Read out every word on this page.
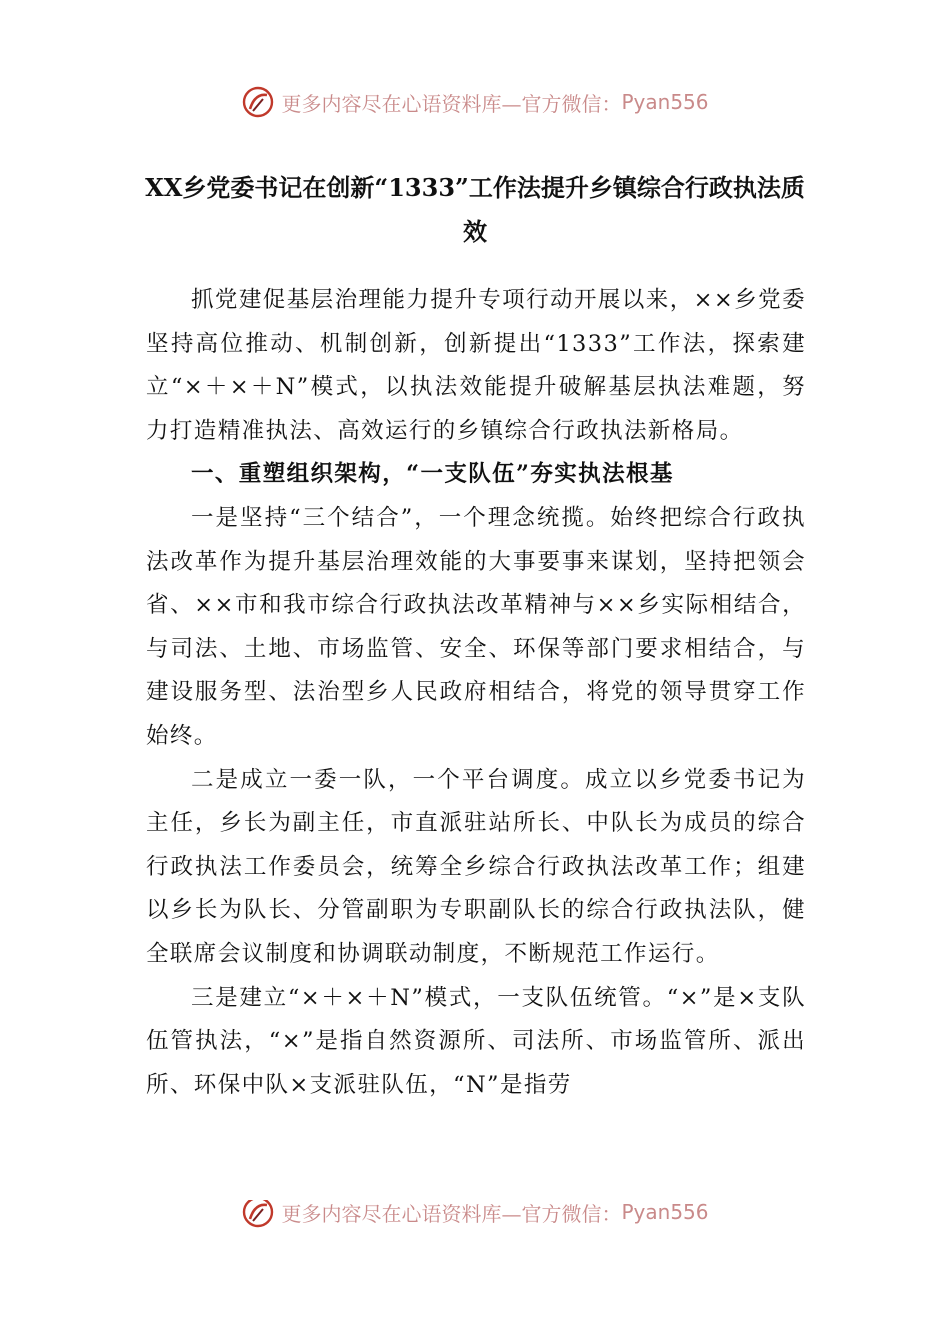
更多内容尽在心语资料库—官方微信： Pyan556
XX乡党委书记在创新“1333”工作法提升乡镇综合行政执法质效

抓党建促基层治理能力提升专项行动开展以来，××乡党委坚持高位推动、机制创新，创新提出“1333”工作法，探索建立“×＋×＋N”模式，以执法效能提升破解基层执法难题，努力打造精准执法、高效运行的乡镇综合行政执法新格局。

一、重塑组织架构，“一支队伍”夯实执法根基

一是坚持“三个结合”，一个理念统揽。始终把综合行政执法改革作为提升基层治理效能的大事要事来谋划，坚持把领会省、××市和我市综合行政执法改革精神与××乡实际相结合，与司法、土地、市场监管、安全、环保等部门要求相结合，与建设服务型、法治型乡人民政府相结合，将党的领导贯穿工作始终。

二是成立一委一队，一个平台调度。成立以乡党委书记为主任，乡长为副主任，市直派驻站所长、中队长为成员的综合行政执法工作委员会，统筹全乡综合行政执法改革工作；组建以乡长为队长、分管副职为专职副队长的综合行政执法队，健全联席会议制度和协调联动制度，不断规范工作运行。

三是建立“×＋×＋N”模式，一支队伍统管。“×”是×支队伍管执法，“×”是指自然资源所、司法所、市场监管所、派出所、环保中队×支派驻队伍，“N”是指劳

更多内容尽在心语资料库—官方微信： Pyan556
